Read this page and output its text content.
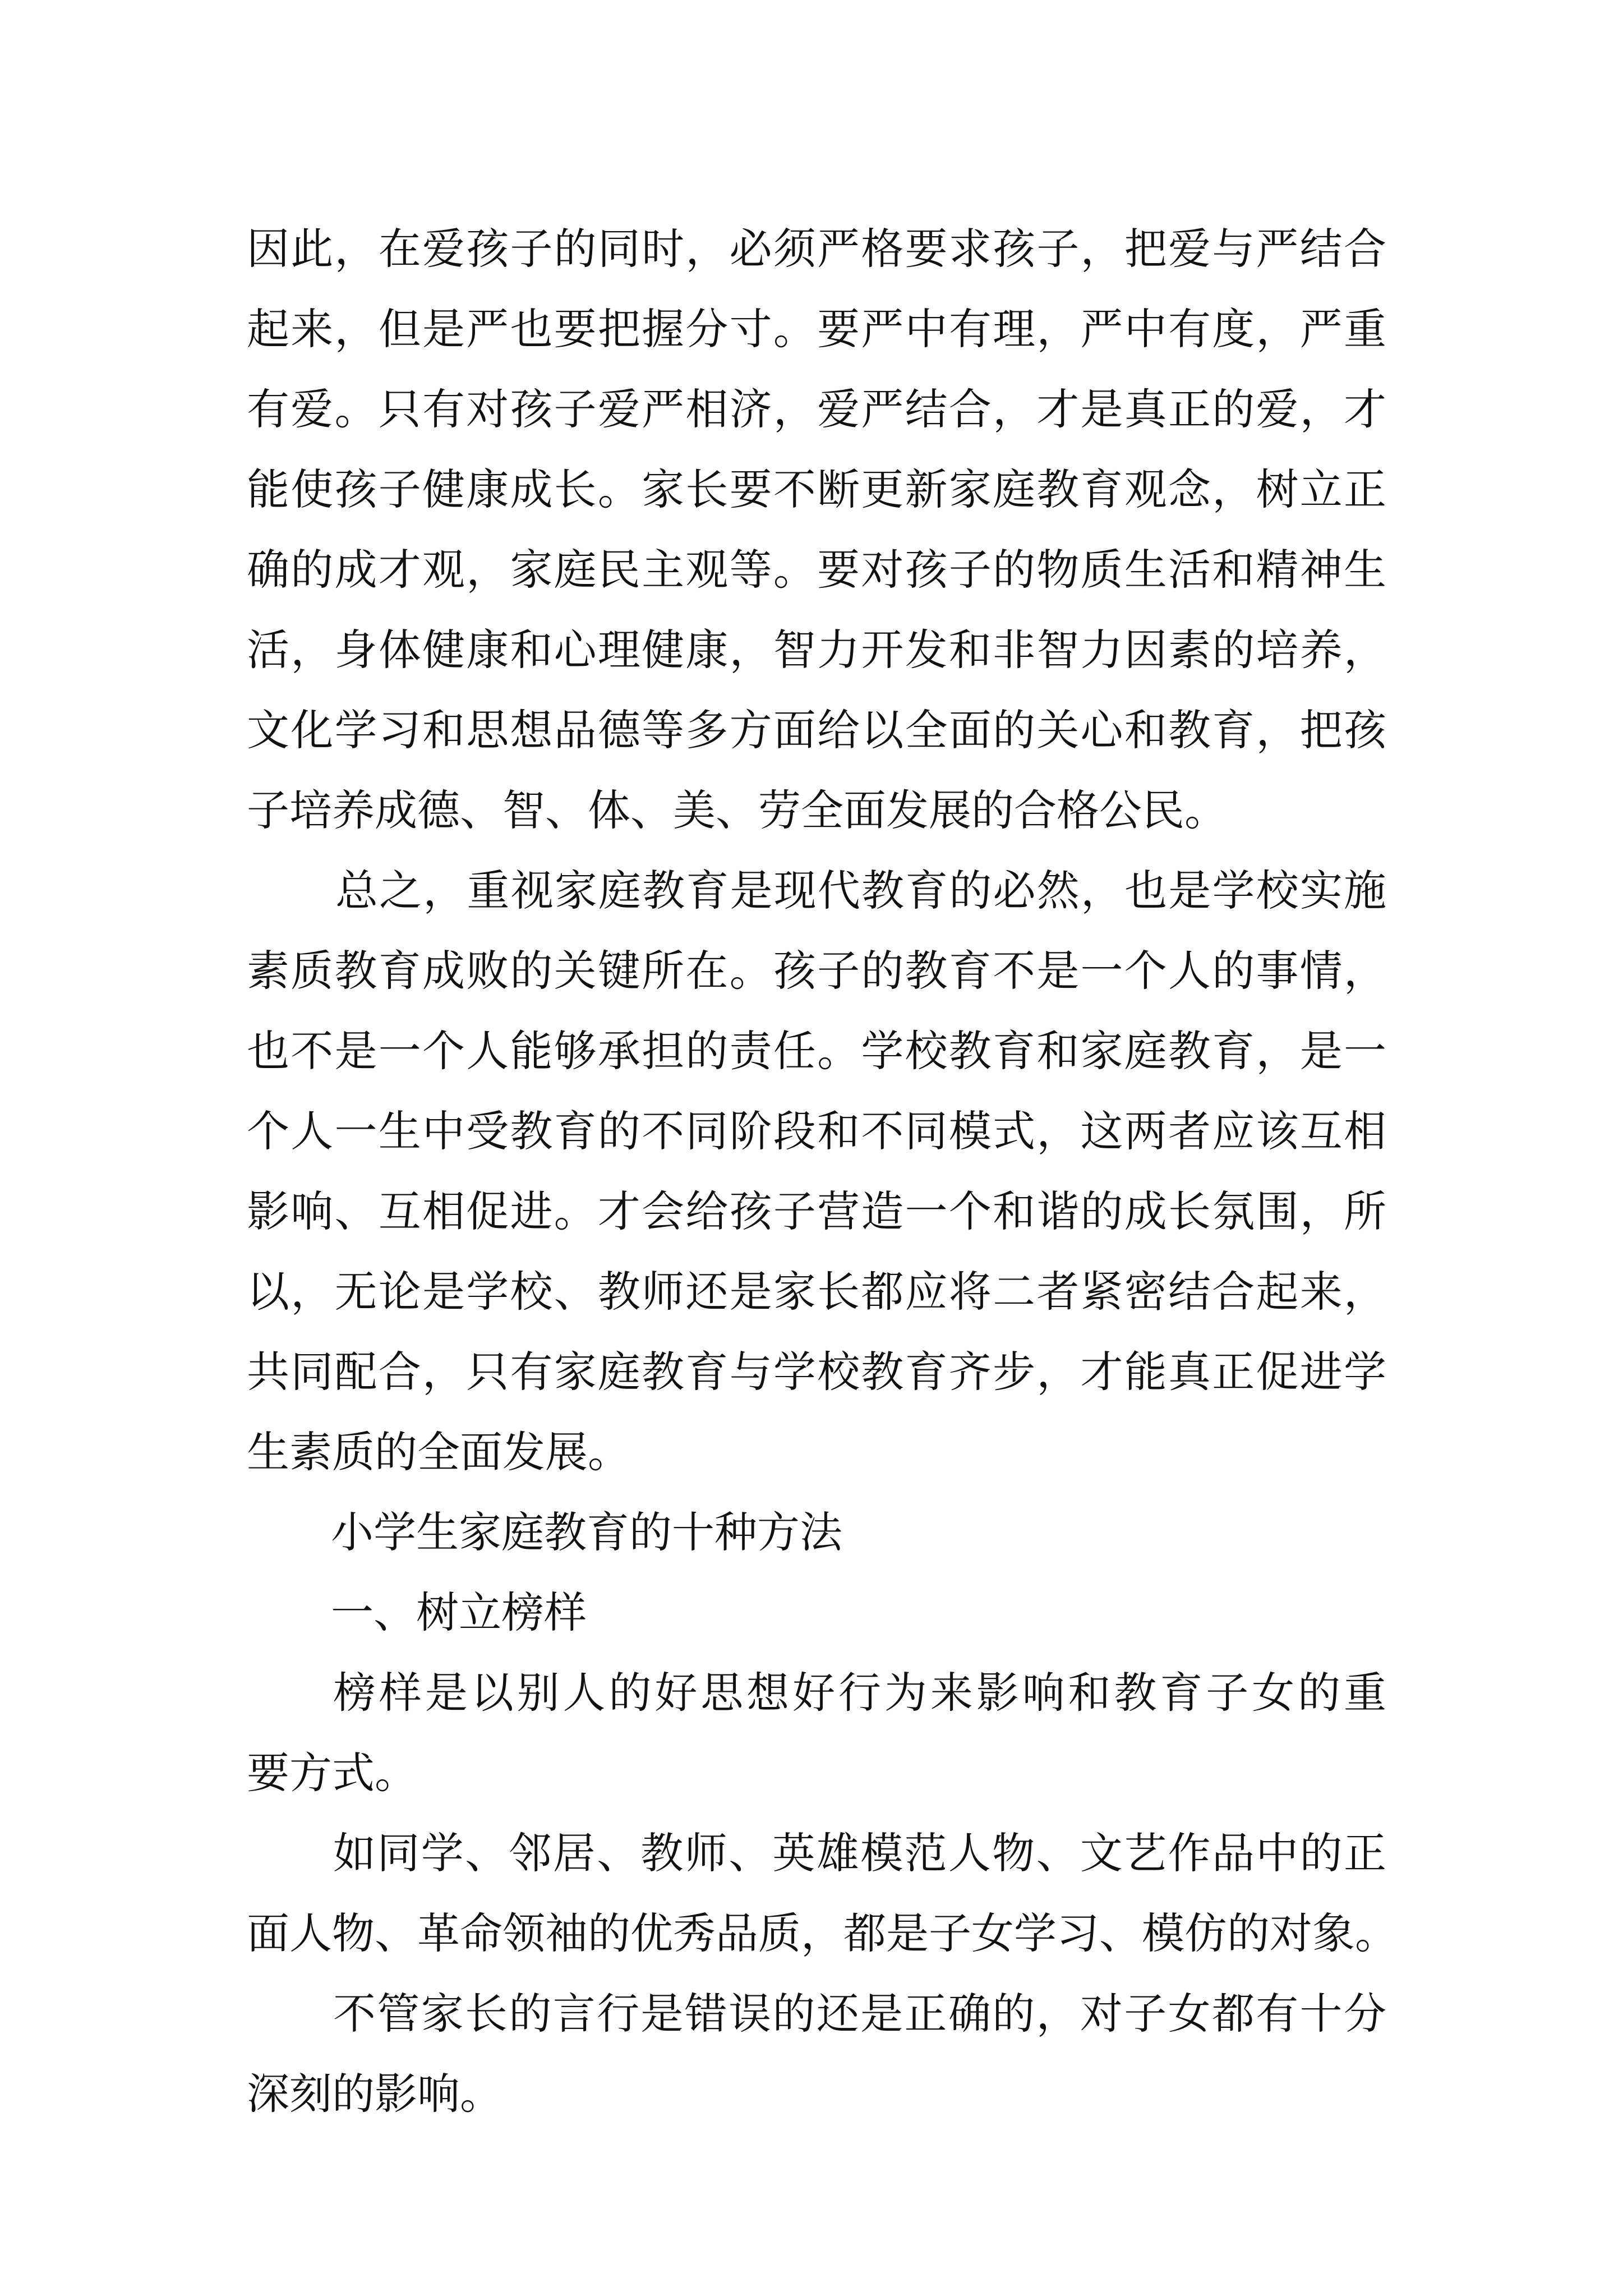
因此，在爱孩子的同时，必须严格要求孩子，把爱与严结合
起来，但是严也要把握分寸。要严中有理，严中有度，严重
有爱。只有对孩子爱严相济，爱严结合，才是真正的爱，才
能使孩子健康成长。家长要不断更新家庭教育观念，树立正
确的成才观，家庭民主观等。要对孩子的物质生活和精神生
活，身体健康和心理健康，智力开发和非智力因素的培养，
文化学习和思想品德等多方面给以全面的关心和教育，把孩
子培养成德、智、体、美、劳全面发展的合格公民。
总之，重视家庭教育是现代教育的必然，也是学校实施
素质教育成败的关键所在。孩子的教育不是一个人的事情，
也不是一个人能够承担的责任。学校教育和家庭教育，是一
个人一生中受教育的不同阶段和不同模式，这两者应该互相
影响、互相促进。才会给孩子营造一个和谐的成长氛围，所
以，无论是学校、教师还是家长都应将二者紧密结合起来，
共同配合，只有家庭教育与学校教育齐步，才能真正促进学
生素质的全面发展。
小学生家庭教育的十种方法
一、树立榜样
榜样是以别人的好思想好行为来影响和教育子女的重
要方式。
如同学、邻居、教师、英雄模范人物、文艺作品中的正
面人物、革命领袖的优秀品质，都是子女学习、模仿的对象。
不管家长的言行是错误的还是正确的，对子女都有十分
深刻的影响。
